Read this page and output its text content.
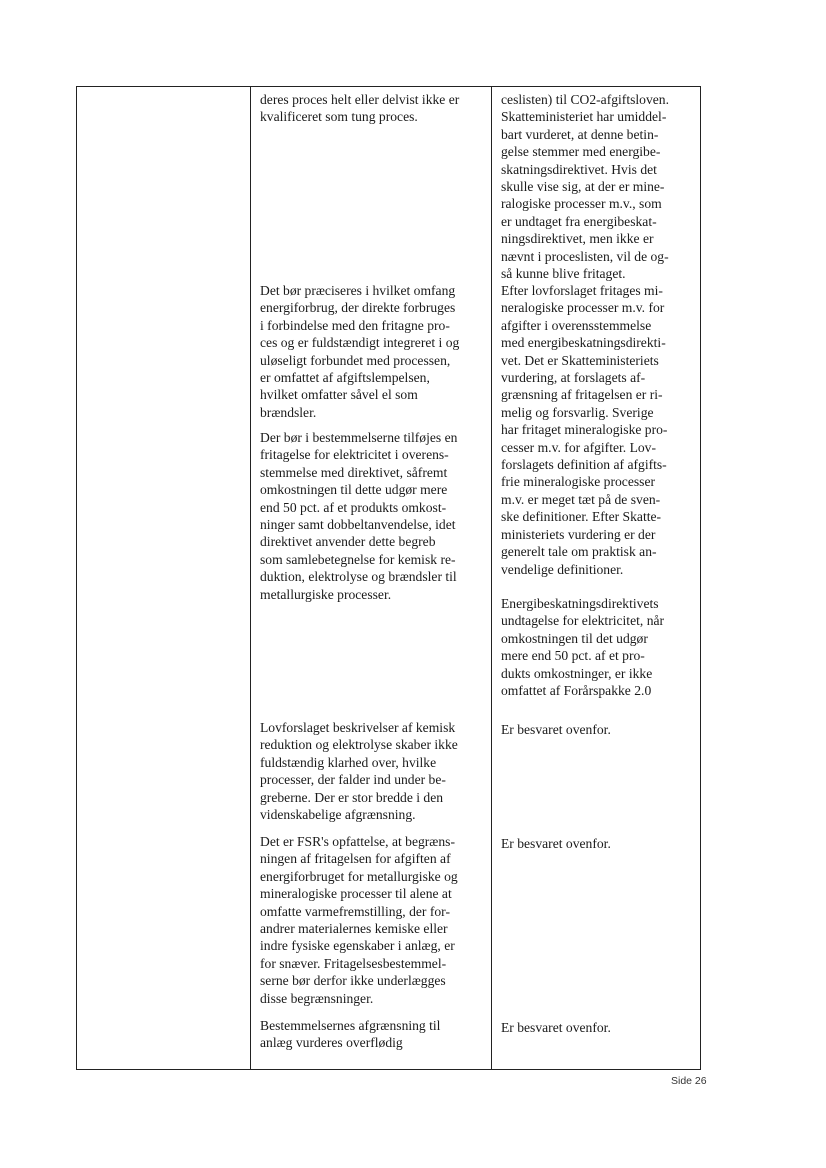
deres proces helt eller delvist ikke er
kvalificeret som tung proces.

ceslisten) til CO2-afgiftsloven.
Skatteministeriet har umiddel-
bart vurderet, at denne betin-
gelse stemmer med energibe-
skatningsdirektivet. Hvis det
skulle vise sig, at der er mine-
ralogiske processer m.v., som
er undtaget fra energibeskat-
ningsdirektivet, men ikke er
nævnt i proceslisten, vil de og-
så kunne blive fritaget.

Det bør præciseres i hvilket omfang
energiforbrug, der direkte forbruges
i forbindelse med den fritagne pro-
ces og er fuldstændigt integreret i og
uløseligt forbundet med processen,
er omfattet af afgiftslempelsen,
hvilket omfatter såvel el som
brændsler.

Efter lovforslaget fritages mi-
neralogiske processer m.v. for
afgifter i overensstemmelse
med energibeskatningsdirekti-
vet. Det er Skatteministeriets
vurdering, at forslagets af-
grænsning af fritagelsen er ri-
melig og forsvarlig. Sverige
har fritaget mineralogiske pro-
cesser m.v. for afgifter. Lov-
forslagets definition af afgifts-
frie mineralogiske processer
m.v. er meget tæt på de sven-
ske definitioner. Efter Skatte-
ministeriets vurdering er der
generelt tale om praktisk an-
vendelige definitioner.

Der bør i bestemmelserne tilføjes en
fritagelse for elektricitet i overens-
stemmelse med direktivet, såfremt
omkostningen til dette udgør mere
end 50 pct. af et produkts omkost-
ninger samt dobbeltanvendelse, idet
direktivet anvender dette begreb
som samlebetegnelse for kemisk re-
duktion, elektrolyse og brændsler til
metallurgiske processer.

Energibeskatningsdirektivets
undtagelse for elektricitet, når
omkostningen til det udgør
mere end 50 pct. af et pro-
dukts omkostninger, er ikke
omfattet af Forårspakke 2.0

Lovforslaget beskrivelser af kemisk
reduktion og elektrolyse skaber ikke
fuldstændig klarhed over, hvilke
processer, der falder ind under be-
greberne. Der er stor bredde i den
videnskabelige afgrænsning.

Er besvaret ovenfor.

Det er FSR's opfattelse, at begræns-
ningen af fritagelsen for afgiften af
energiforbruget for metallurgiske og
mineralogiske processer til alene at
omfatte varmefremstilling, der for-
andrer materialernes kemiske eller
indre fysiske egenskaber i anlæg, er
for snæver. Fritagelsesbestemmel-
serne bør derfor ikke underlægges
disse begrænsninger.

Er besvaret ovenfor.

Bestemmelsernes afgrænsning til
anlæg vurderes overflødig

Er besvaret ovenfor.

Side 26
